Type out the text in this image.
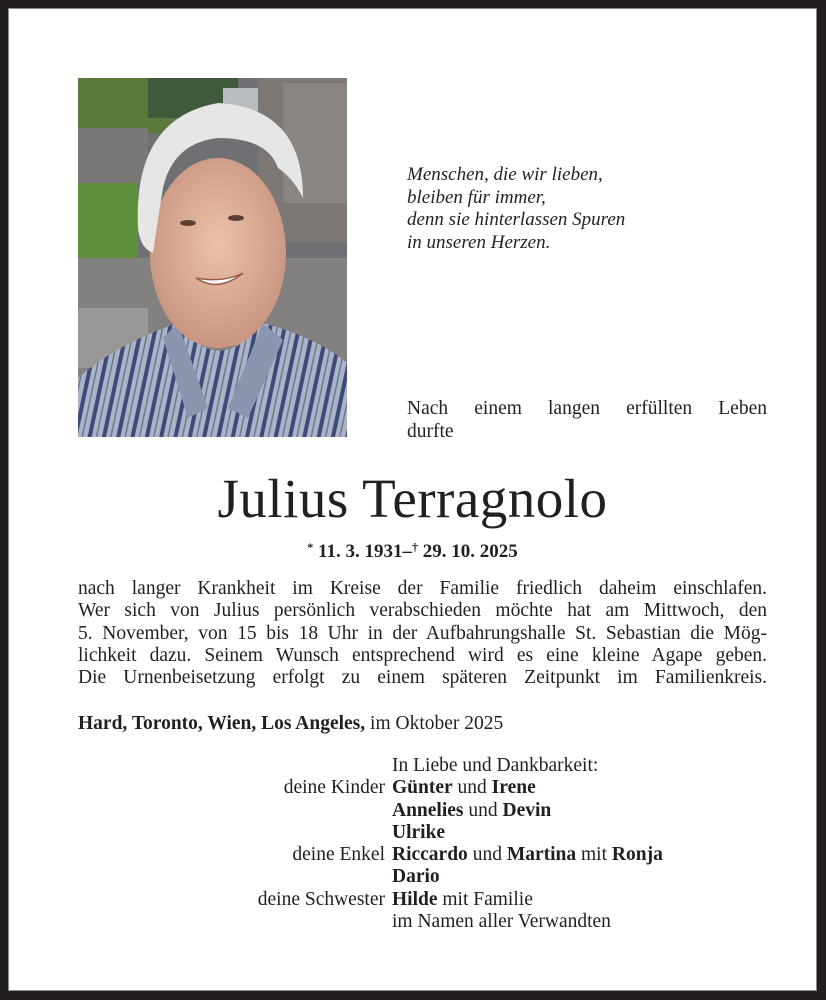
Menschen, die wir lieben,
bleiben für immer,
denn sie hinterlassen Spuren
in unseren Herzen.
Nach einem langen erfüllten Leben
durfte
Julius Terragnolo
* 11. 3. 1931–† 29. 10. 2025
nach langer Krankheit im Kreise der Familie friedlich daheim einschlafen.
Wer sich von Julius persönlich verabschieden möchte hat am Mittwoch, den
5. November, von 15 bis 18 Uhr in der Aufbahrungshalle St. Sebastian die Mög-
lichkeit dazu. Seinem Wunsch entsprechend wird es eine kleine Agape geben.
Die Urnenbeisetzung erfolgt zu einem späteren Zeitpunkt im Familienkreis.
Hard, Toronto, Wien, Los Angeles, im Oktober 2025
In Liebe und Dankbarkeit:
deine Kinder Günter und Irene
Annelies und Devin
Ulrike
deine Enkel Riccardo und Martina mit Ronja
Dario
deine Schwester Hilde mit Familie
im Namen aller Verwandten
